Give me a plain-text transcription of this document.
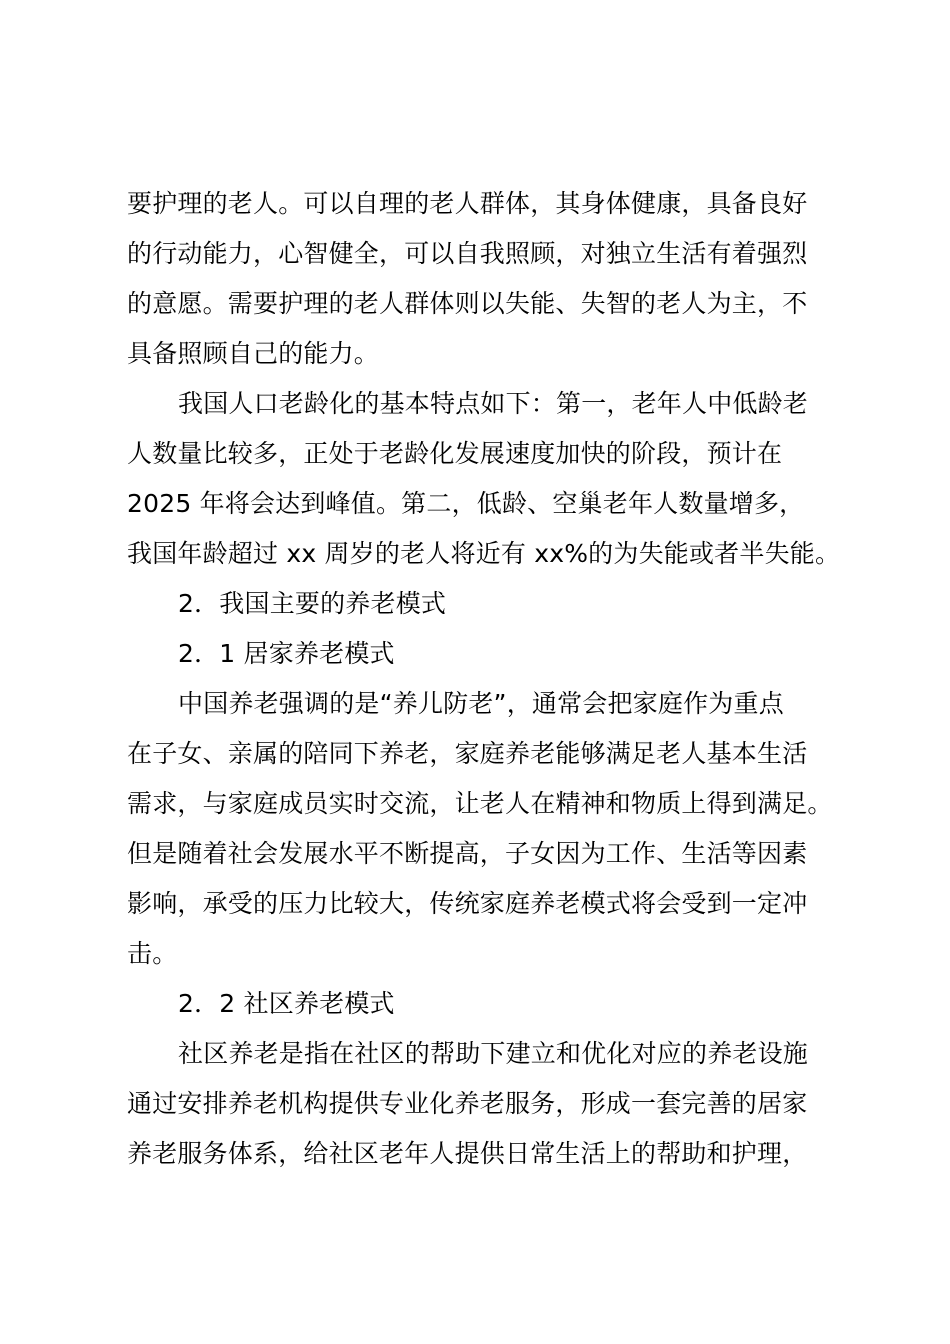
要护理的老人。可以自理的老人群体，其身体健康，具备良好
的行动能力，心智健全，可以自我照顾，对独立生活有着强烈
的意愿。需要护理的老人群体则以失能、失智的老人为主，不
具备照顾自己的能力。
我国人口老龄化的基本特点如下：第一，老年人中低龄老
人数量比较多，正处于老龄化发展速度加快的阶段，预计在
2025 年将会达到峰值。第二，低龄、空巢老年人数量增多，
我国年龄超过 xx 周岁的老人将近有 xx%的为失能或者半失能。
2．我国主要的养老模式
2．1 居家养老模式
中国养老强调的是“养儿防老”，通常会把家庭作为重点
在子女、亲属的陪同下养老，家庭养老能够满足老人基本生活
需求，与家庭成员实时交流，让老人在精神和物质上得到满足。
但是随着社会发展水平不断提高，子女因为工作、生活等因素
影响，承受的压力比较大，传统家庭养老模式将会受到一定冲
击。
2．2 社区养老模式
社区养老是指在社区的帮助下建立和优化对应的养老设施
通过安排养老机构提供专业化养老服务，形成一套完善的居家
养老服务体系，给社区老年人提供日常生活上的帮助和护理，
